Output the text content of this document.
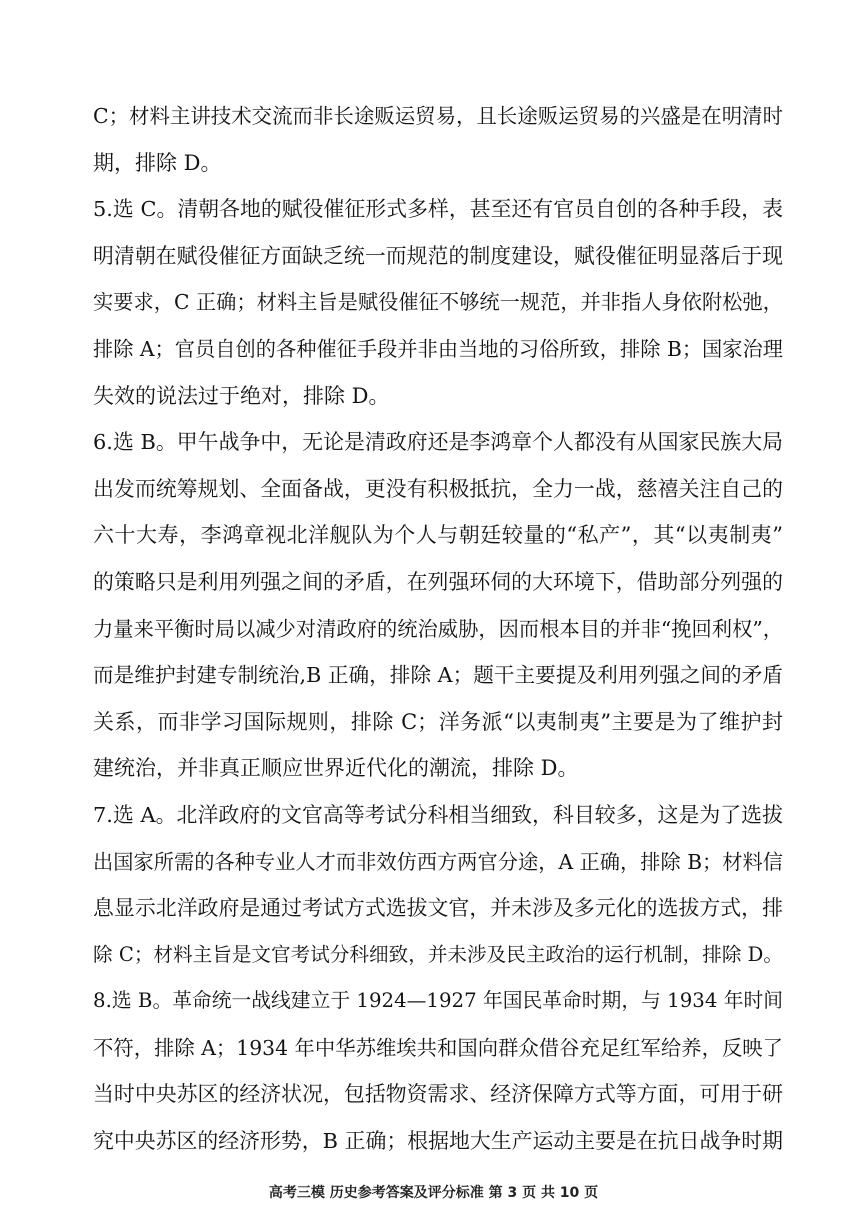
C；材料主讲技术交流而非长途贩运贸易，且长途贩运贸易的兴盛是在明清时
期，排除 D。
5.选 C。清朝各地的赋役催征形式多样，甚至还有官员自创的各种手段，表
明清朝在赋役催征方面缺乏统一而规范的制度建设，赋役催征明显落后于现
实要求，C 正确；材料主旨是赋役催征不够统一规范，并非指人身依附松弛，
排除 A；官员自创的各种催征手段并非由当地的习俗所致，排除 B；国家治理
失效的说法过于绝对，排除 D。
6.选 B。甲午战争中，无论是清政府还是李鸿章个人都没有从国家民族大局
出发而统筹规划、全面备战，更没有积极抵抗，全力一战，慈禧关注自己的
六十大寿，李鸿章视北洋舰队为个人与朝廷较量的“私产”，其“以夷制夷”
的策略只是利用列强之间的矛盾，在列强环伺的大环境下，借助部分列强的
力量来平衡时局以减少对清政府的统治威胁，因而根本目的并非“挽回利权”，
而是维护封建专制统治,B 正确，排除 A；题干主要提及利用列强之间的矛盾
关系，而非学习国际规则，排除 C；洋务派“以夷制夷”主要是为了维护封
建统治，并非真正顺应世界近代化的潮流，排除 D。
7.选 A。北洋政府的文官高等考试分科相当细致，科目较多，这是为了选拔
出国家所需的各种专业人才而非效仿西方两官分途，A 正确，排除 B；材料信
息显示北洋政府是通过考试方式选拔文官，并未涉及多元化的选拔方式，排
除 C；材料主旨是文官考试分科细致，并未涉及民主政治的运行机制，排除 D。
8.选 B。革命统一战线建立于 1924—1927 年国民革命时期，与 1934 年时间
不符，排除 A；1934 年中华苏维埃共和国向群众借谷充足红军给养，反映了
当时中央苏区的经济状况，包括物资需求、经济保障方式等方面，可用于研
究中央苏区的经济形势，B 正确；根据地大生产运动主要是在抗日战争时期
高考三模 历史参考答案及评分标准 第 3 页 共 10 页
